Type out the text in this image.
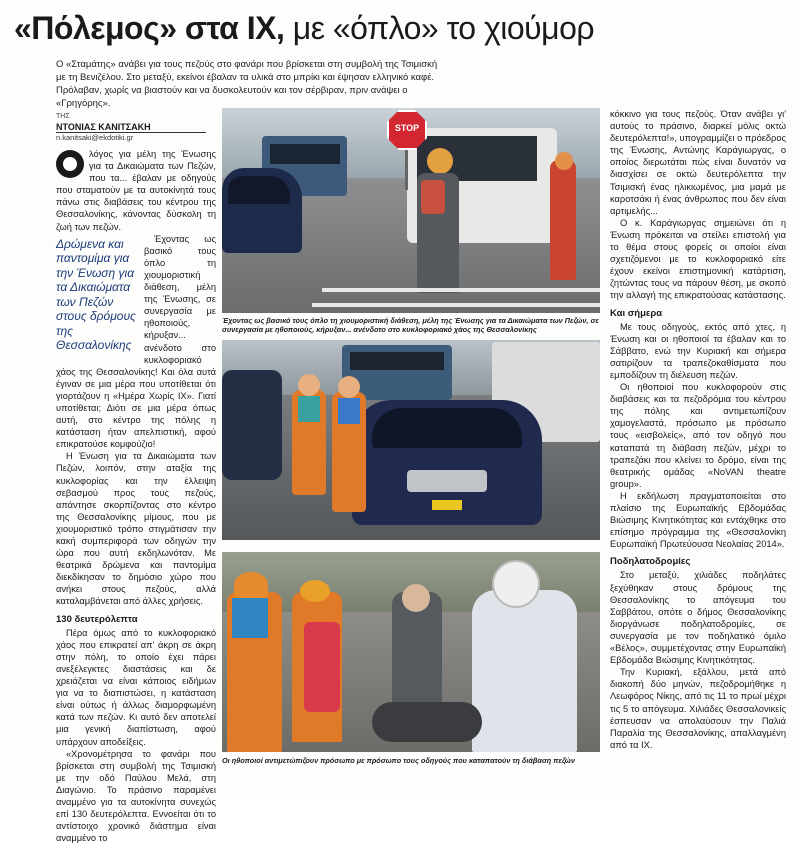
«Πόλεμος» στα ΙΧ, με «όπλο» το χιούμορ

Ο «Σταμάτης» ανάβει για τους πεζούς στο φανάρι που βρίσκεται στη συμβολή της Τσιμισκή με τη Βενιζέλου. Στο μεταξύ, εκείνοι έβαλαν τα υλικά στο μπρίκι και έψησαν ελληνικό καφέ. Πρόλαβαν, χωρίς να βιαστούν και να δυσκολευτούν και τον σέρβιραν, πριν ανάψει ο «Γρηγόρης».

ΤΗΣ
ΝΤΟΝΙΑΣ ΚΑΝΙΤΣΑΚΗ
n.kanitsaki@ekdotiki.gr

λόγος για μέλη της Ένωσης για τα Δικαιώματα των Πεζών, που τα... έβαλαν με οδηγούς που σταματούν με τα αυτοκίνητά τους πάνω στις διαβάσεις του κέντρου της Θεσσαλονίκης, κάνοντας δύσκολη τη ζωή των πεζών.

Δρώμενα και παντομίμα για την Ένωση για τα Δικαιώματα των Πεζών στους δρόμους της Θεσσαλονίκης

Έχοντας ως βασικό τους όπλο τη χιουμοριστική διάθεση, μέλη της Ένωσης, σε συνεργασία με ηθοποιούς, κήρυξαν... ανένδοτο στο κυκλοφοριακό χάος της Θεσσαλονίκης! Και όλα αυτά έγιναν σε μια μέρα που υποτίθεται ότι γιορτάζουν η «Ημέρα Χωρίς ΙΧ». Γιατί υποτίθεται; Διότι σε μια μέρα όπως αυτή, στο κέντρο της πόλης η κατάσταση ήταν απελπιστική, αφού επικρατούσε κομφούζιο!

Η Ένωση για τα Δικαιώματα των Πεζών, λοιπόν, στην αταξία της κυκλοφορίας και την έλλειψη σεβασμού προς τους πεζούς, απάντησε σκορπίζοντας στο κέντρο της Θεσσαλονίκης μίμους, που με χιουμοριστικό τρόπο στιγμάτισαν την κακή συμπεριφορά των οδηγών την ώρα που αυτή εκδηλωνόταν. Με θεατρικά δρώμενα και παντομίμα διεκδίκησαν το δημόσιο χώρο που ανήκει στους πεζούς, αλλά καταλαμβάνεται από άλλες χρήσεις.

130 δευτερόλεπτα

Πέρα όμως από το κυκλοφοριακό χάος που επικρατεί απ' άκρη σε άκρη στην πόλη, το οποίο έχει πάρει ανεξέλεγκτες διαστάσεις και δε χρειάζεται να είναι κάποιος ειδήμων για να το διαπιστώσει, η κατάσταση είναι ούτως ή άλλως διαμορφωμένη κατά των πεζών. Κι αυτό δεν αποτελεί μια γενική διαπίστωση, αφού υπάρχουν αποδείξεις.

«Χρονομέτρησα το φανάρι που βρίσκεται στη συμβολή της Τσιμισκή με την οδό Παύλου Μελά, στη Διαγώνιο. Το πράσινο παραμένει αναμμένο για τα αυτοκίνητα συνεχώς επί 130 δευτερόλεπτα. Εννοείται ότι το αντίστοιχο χρονικό διάστημα είναι αναμμένο το

STOP

Έχοντας ως βασικό τους όπλο τη χιουμοριστική διάθεση, μέλη της Ένωσης για τα Δικαιώματα των Πεζών, σε συνεργασία με ηθοποιούς, κήρυξαν... ανένδοτο στο κυκλοφοριακό χάος της Θεσσαλονίκης

Οι ηθοποιοί αντιμετώπιζουν πρόσωπο με πρόσωπο τους οδηγούς που καταπατούν τη διάβαση πεζών

κόκκινο για τους πεζούς. Όταν ανάβει γι' αυτούς το πράσινο, διαρκεί μόλις οκτώ δευτερόλεπτα!», υπογραμμίζει ο πρόεδρος της Ένωσης, Αντώνης Καράγιωργας, ο οποίος διερωτάται πώς είναι δυνατόν να διασχίσει σε οκτώ δευτερόλεπτα την Τσιμισκή ένας ηλικιωμένος, μια μαμά με καροτσάκι ή ένας άνθρωπος που δεν είναι αρτιμελής...

Ο κ. Καράγιωργας σημειώνει ότι η Ένωση πρόκειται να στείλει επιστολή για το θέμα στους φορείς οι οποίοι είναι σχετιζόμενοι με το κυκλοφοριακό είτε έχουν εκείνοι επιστημονική κατάρτιση, ζητώντας τους να πάρουν θέση, με σκοπό την αλλαγή της επικρατούσας κατάστασης.

Και σήμερα

Με τους οδηγούς, εκτός από χτες, η Ένωση και οι ηθοποιοί τα έβαλαν και το Σάββατο, ενώ την Κυριακή και σήμερα σατιρίζουν τα τραπεζοκαθίσματα που εμποδίζουν τη διέλευση πεζών.

Οι ηθοποιοί που κυκλοφορούν στις διαβάσεις και τα πεζοδρόμια του κέντρου της πόλης και αντιμετωπίζουν χαμογελαστά, πρόσωπο με πρόσωπο τους «εισβολείς», από τον οδηγό που καταπατά τη διάβαση πεζών, μέχρι το τραπεζάκι που κλείνει το δρόμο, είναι της θεατρικής ομάδας «NoVAN theatre group».

Η εκδήλωση πραγματοποιείται στο πλαίσιο της Ευρωπαϊκής Εβδομάδας Βιώσιμης Κινητικότητας και εντάχθηκε στο επίσημο πρόγραμμα της «Θεσσαλονίκη Ευρωπαϊκή Πρωτεύουσα Νεολαίας 2014».

Ποδηλατοδρομίες

Στο μεταξύ, χιλιάδες ποδηλάτες ξεχύθηκαν στους δρόμους της Θεσσαλονίκης το απόγευμα του Σαββάτου, οπότε ο δήμος Θεσσαλονίκης διοργάνωσε ποδηλατοδρομίες, σε συνεργασία με τον ποδηλατικό όμιλο «Βέλος», συμμετέχοντας στην Ευρωπαϊκή Εβδομάδα Βιώσιμης Κινητικότητας.

Την Κυριακή, εξάλλου, μετά από διακοπή δύο μηνών, πεζοδρομήθηκε η Λεωφόρος Νίκης, από τις 11 το πρωί μέχρι τις 5 το απόγευμα. Χιλιάδες Θεσσαλονικείς έσπευσαν να απολαύσουν την Παλιά Παραλία της Θεσσαλονίκης, απαλλαγμένη από τα ΙΧ.
